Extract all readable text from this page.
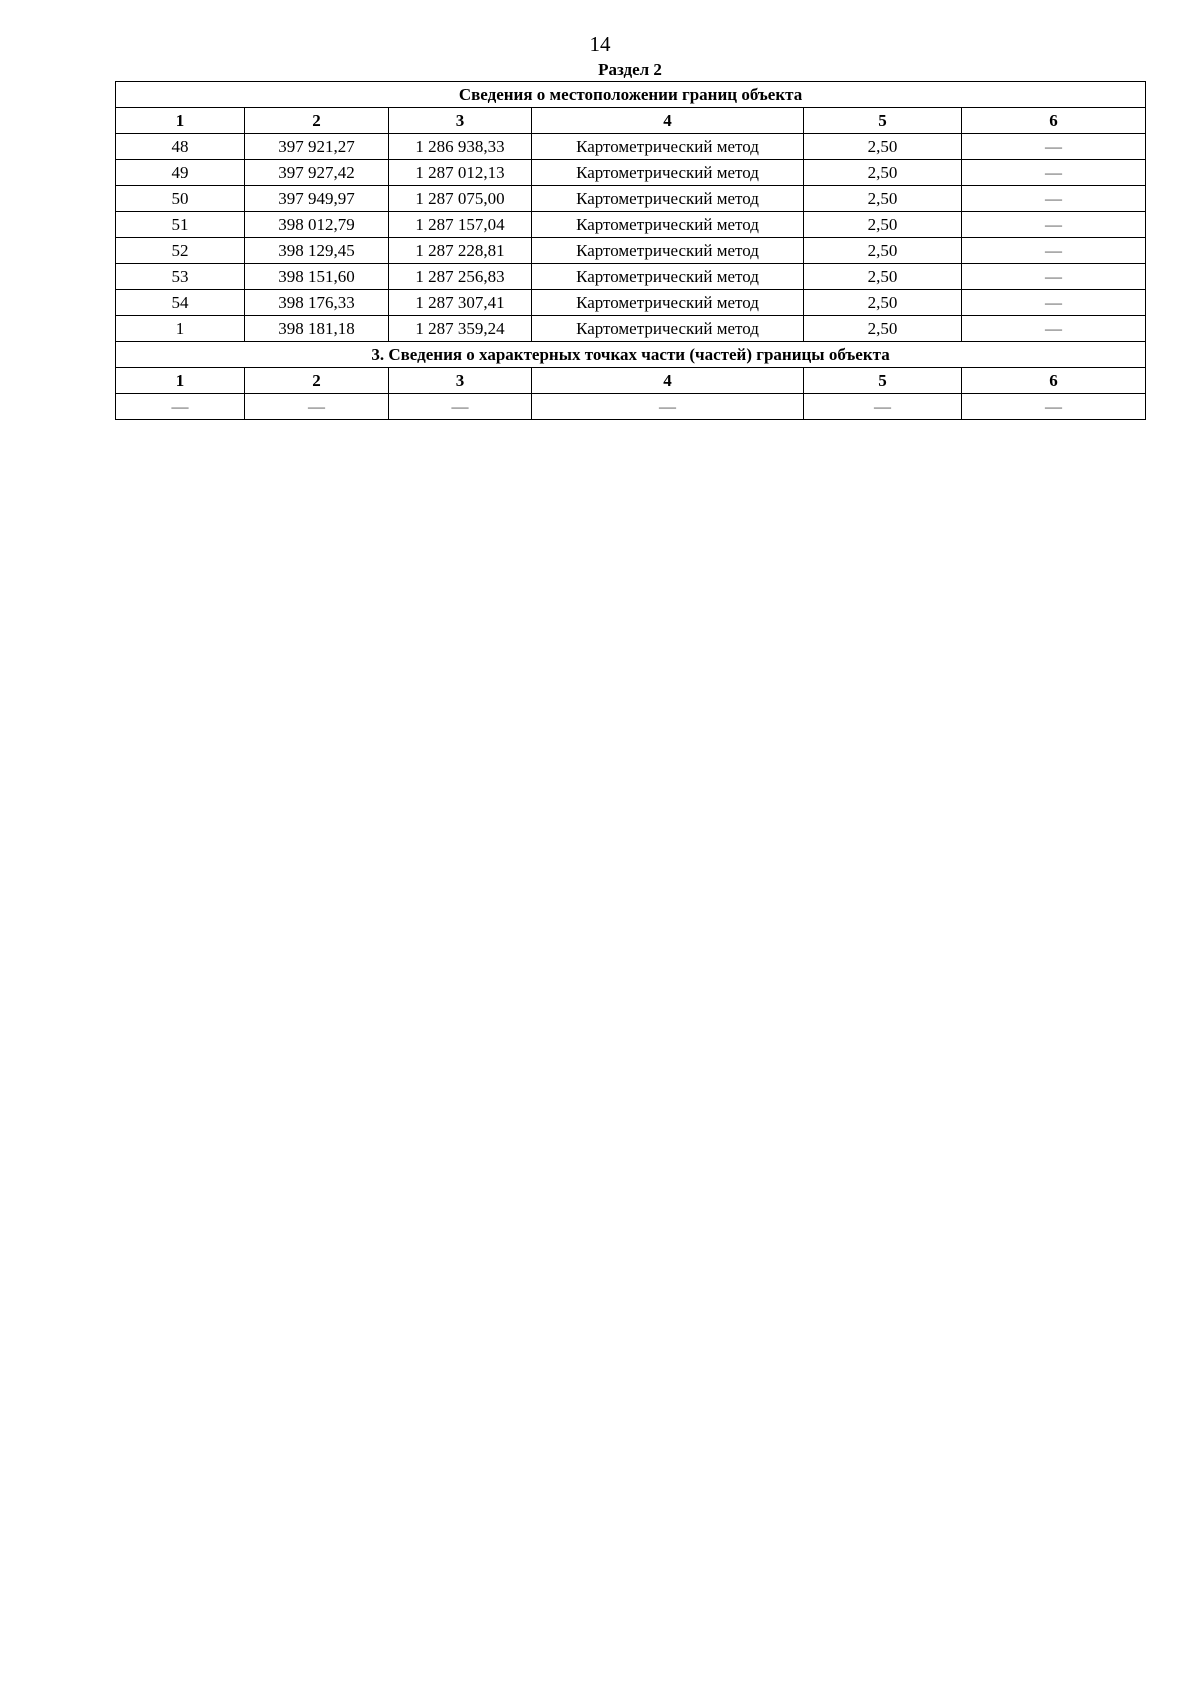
14
Раздел 2
Сведения о местоположении границ объекта					
1	2	3	4	5	6
48	397 921,27	1 286 938,33	Картометрический метод	2,50	—
49	397 927,42	1 287 012,13	Картометрический метод	2,50	—
50	397 949,97	1 287 075,00	Картометрический метод	2,50	—
51	398 012,79	1 287 157,04	Картометрический метод	2,50	—
52	398 129,45	1 287 228,81	Картометрический метод	2,50	—
53	398 151,60	1 287 256,83	Картометрический метод	2,50	—
54	398 176,33	1 287 307,41	Картометрический метод	2,50	—
1	398 181,18	1 287 359,24	Картометрический метод	2,50	—
3. Сведения о характерных точках части (частей) границы объекта					
1	2	3	4	5	6
—	—	—	—	—	—
